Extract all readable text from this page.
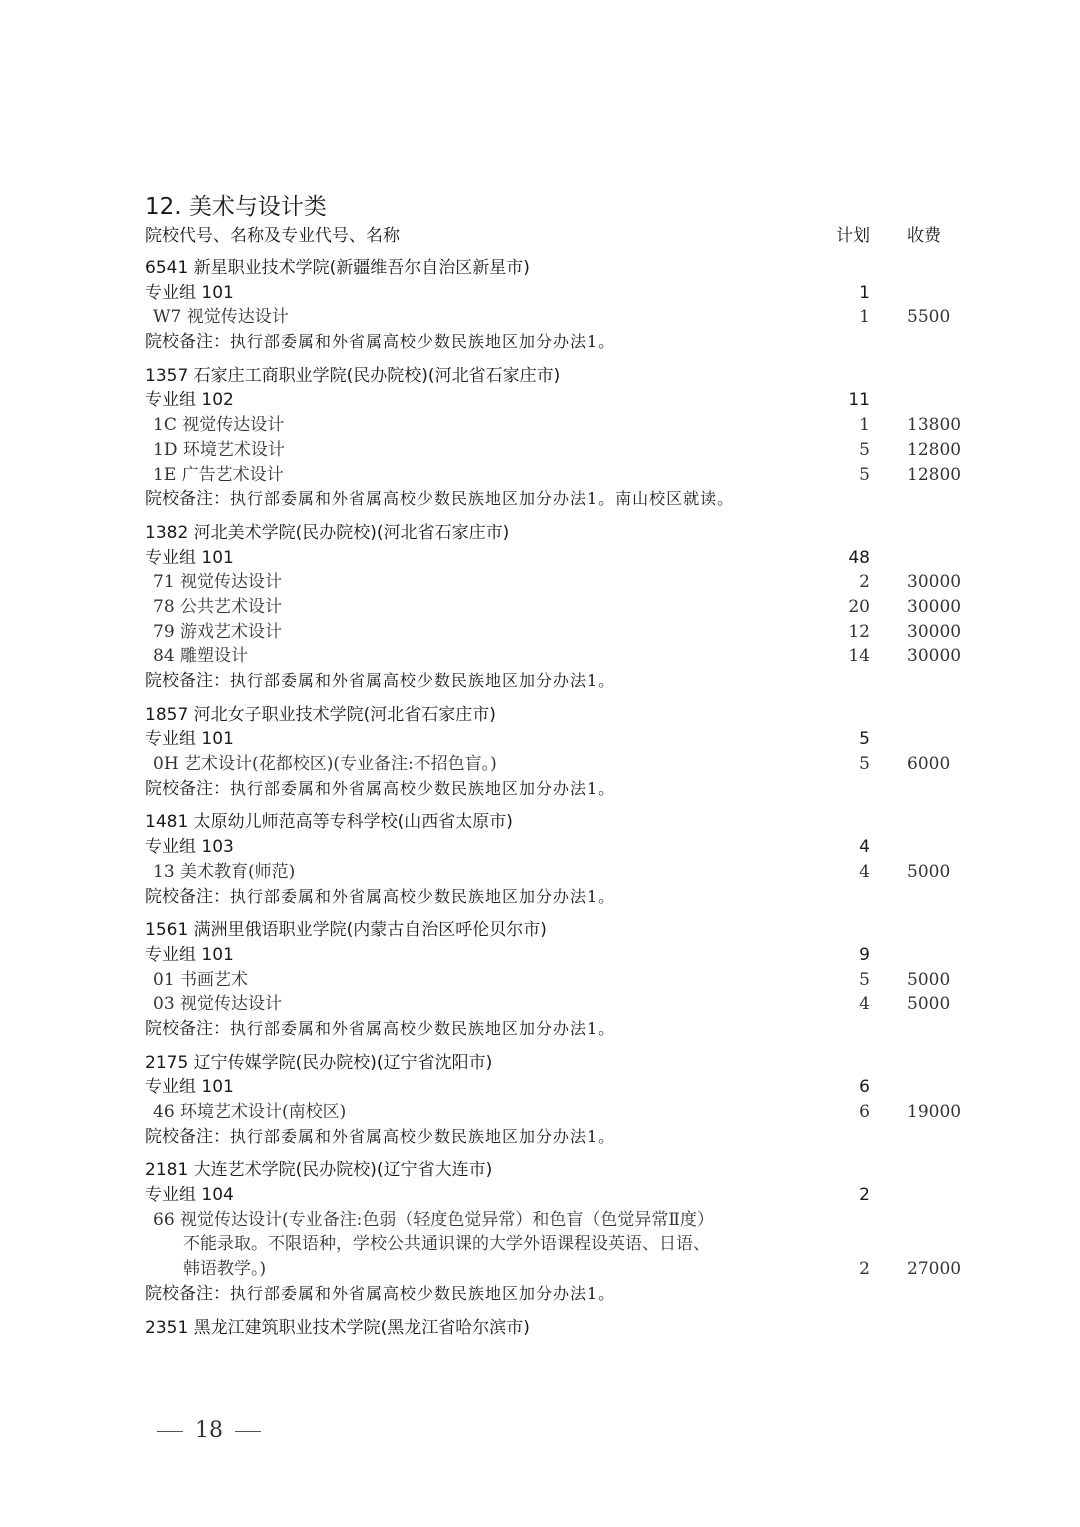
12. 美术与设计类
院校代号、名称及专业代号、名称	计划 收费
6541 新星职业技术学院(新疆维吾尔自治区新星市)
专业组 101	1
W7 视觉传达设计	1 5500
院校备注：执行部委属和外省属高校少数民族地区加分办法1。
1357 石家庄工商职业学院(民办院校)(河北省石家庄市)
专业组 102	11
1C 视觉传达设计	1 13800
1D 环境艺术设计	5 12800
1E 广告艺术设计	5 12800
院校备注：执行部委属和外省属高校少数民族地区加分办法1。南山校区就读。
1382 河北美术学院(民办院校)(河北省石家庄市)
专业组 101	48
71 视觉传达设计	2 30000
78 公共艺术设计	20 30000
79 游戏艺术设计	12 30000
84 雕塑设计	14 30000
院校备注：执行部委属和外省属高校少数民族地区加分办法1。
1857 河北女子职业技术学院(河北省石家庄市)
专业组 101	5
0H 艺术设计(花都校区)(专业备注:不招色盲。)	5 6000
院校备注：执行部委属和外省属高校少数民族地区加分办法1。
1481 太原幼儿师范高等专科学校(山西省太原市)
专业组 103	4
13 美术教育(师范)	4 5000
院校备注：执行部委属和外省属高校少数民族地区加分办法1。
1561 满洲里俄语职业学院(内蒙古自治区呼伦贝尔市)
专业组 101	9
01 书画艺术	5 5000
03 视觉传达设计	4 5000
院校备注：执行部委属和外省属高校少数民族地区加分办法1。
2175 辽宁传媒学院(民办院校)(辽宁省沈阳市)
专业组 101	6
46 环境艺术设计(南校区)	6 19000
院校备注：执行部委属和外省属高校少数民族地区加分办法1。
2181 大连艺术学院(民办院校)(辽宁省大连市)
专业组 104	2
66 视觉传达设计(专业备注:色弱（轻度色觉异常）和色盲（色觉异常Ⅱ度）
不能录取。不限语种，学校公共通识课的大学外语课程设英语、日语、
韩语教学。)	2 27000
院校备注：执行部委属和外省属高校少数民族地区加分办法1。
2351 黑龙江建筑职业技术学院(黑龙江省哈尔滨市)
18
